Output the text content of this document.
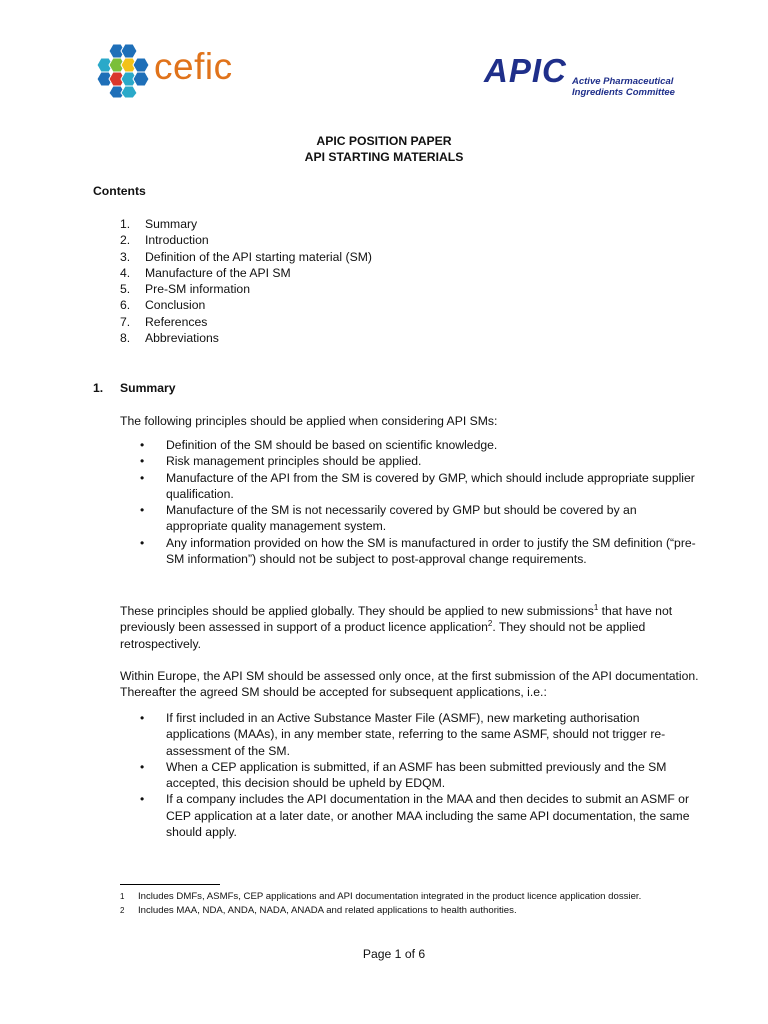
cefic	APIC Active Pharmaceutical
Ingredients Committee
APIC POSITION PAPER
API STARTING MATERIALS
Contents
1. Summary
2. Introduction
3. Definition of the API starting material (SM)
4. Manufacture of the API SM
5. Pre-SM information
6. Conclusion
7. References
8. Abbreviations
1. Summary
The following principles should be applied when considering API SMs:
• Definition of the SM should be based on scientific knowledge.
• Risk management principles should be applied.
• Manufacture of the API from the SM is covered by GMP, which should include appropriate supplier qualification.
• Manufacture of the SM is not necessarily covered by GMP but should be covered by an appropriate quality management system.
• Any information provided on how the SM is manufactured in order to justify the SM definition (“pre-SM information”) should not be subject to post-approval change requirements.
These principles should be applied globally. They should be applied to new submissions$^1$ that have not previously been assessed in support of a product licence application$^2$. They should not be applied retrospectively.
Within Europe, the API SM should be assessed only once, at the first submission of the API documentation. Thereafter the agreed SM should be accepted for subsequent applications, i.e.:
• If first included in an Active Substance Master File (ASMF), new marketing authorisation applications (MAAs), in any member state, referring to the same ASMF, should not trigger re-assessment of the SM.
• When a CEP application is submitted, if an ASMF has been submitted previously and the SM accepted, this decision should be upheld by EDQM.
• If a company includes the API documentation in the MAA and then decides to submit an ASMF or CEP application at a later date, or another MAA including the same API documentation, the same should apply.
1 Includes DMFs, ASMFs, CEP applications and API documentation integrated in the product licence application dossier.
2 Includes MAA, NDA, ANDA, NADA, ANADA and related applications to health authorities.
Page 1 of 6
